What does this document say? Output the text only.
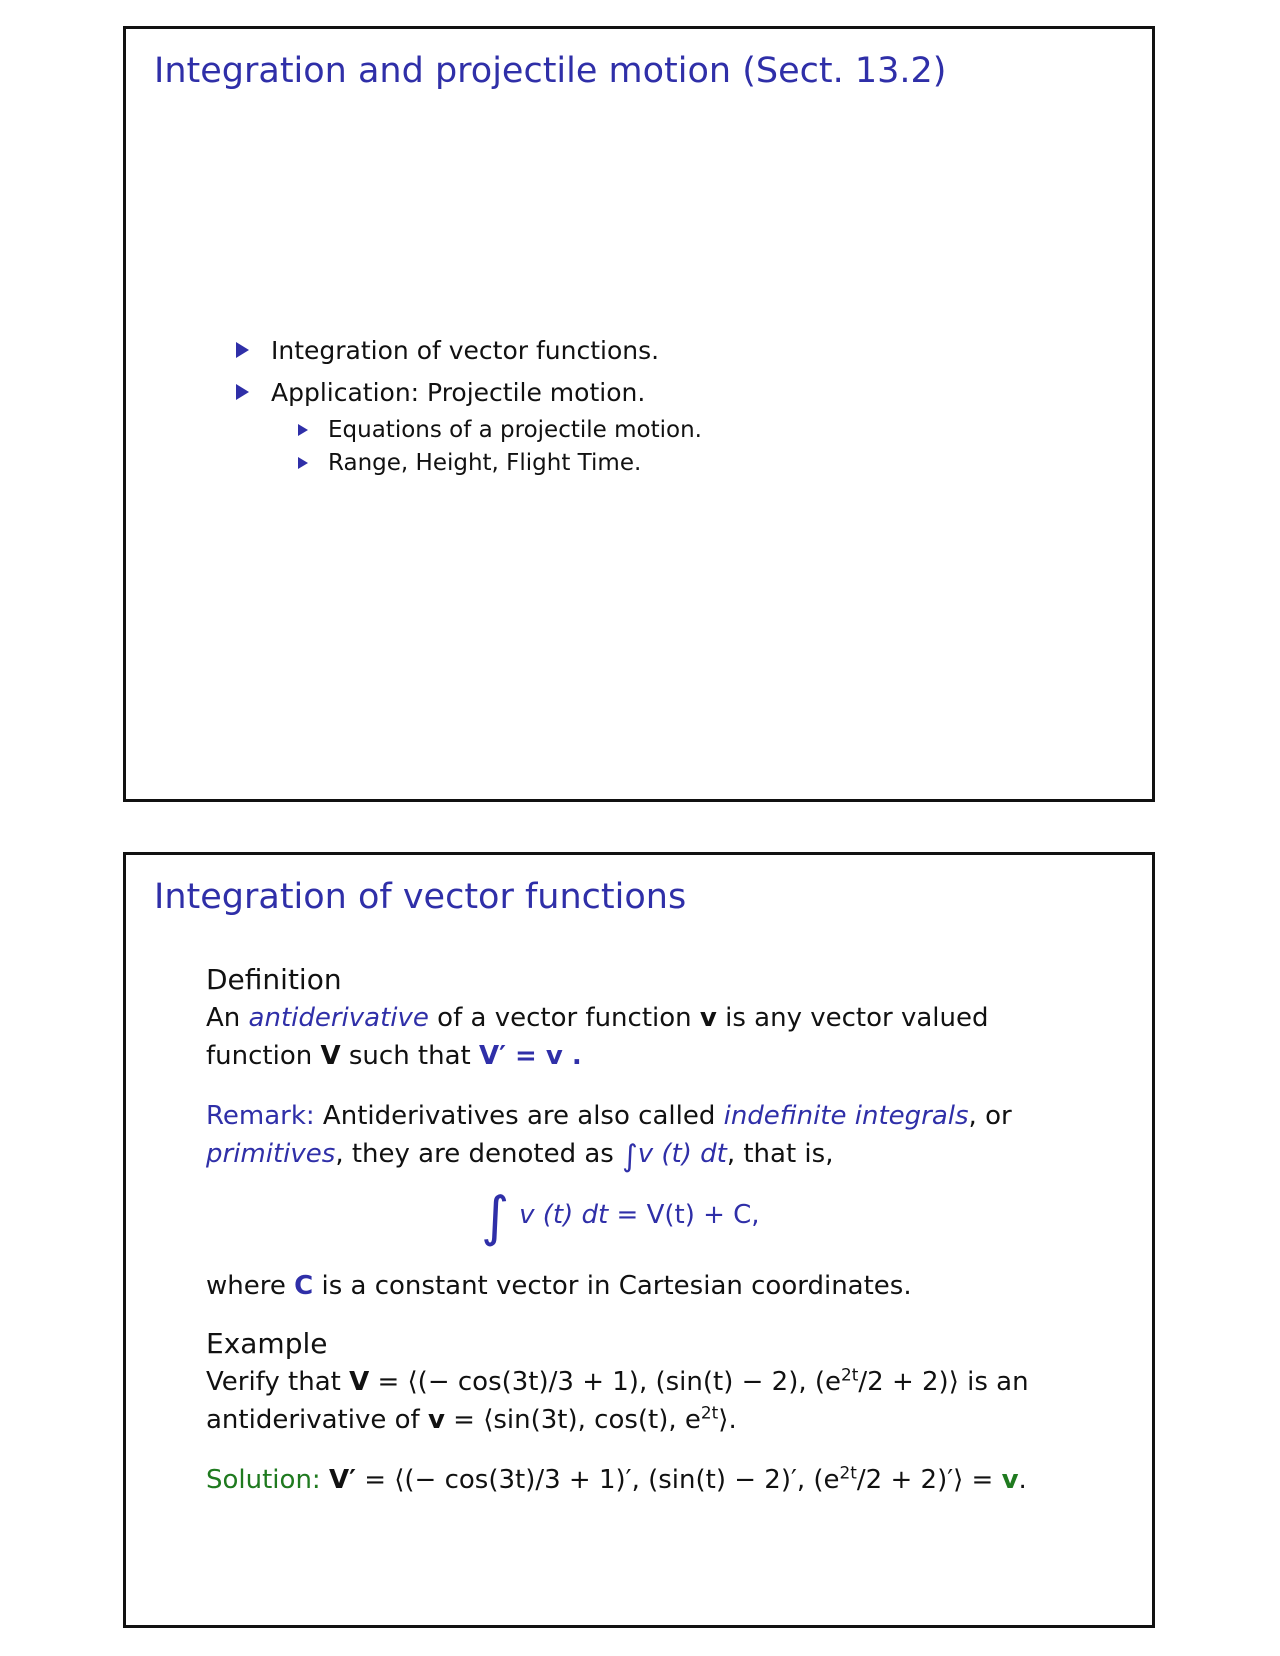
Integration and projectile motion (Sect. 13.2)
Integration of vector functions.
Application: Projectile motion.
Equations of a projectile motion.
Range, Height, Flight Time.
Integration of vector functions
Definition
An antiderivative of a vector function v is any vector valued
function V such that V′ = v .
Remark: Antiderivatives are also called indefinite integrals, or
primitives, they are denoted as ∫v (t) dt, that is,
∫ v (t) dt = V(t) + C,
where C is a constant vector in Cartesian coordinates.
Example
Verify that V = ⟨(− cos(3t)/3 + 1), (sin(t) − 2), ($e^{2t}/2$ + 2)⟩ is an
antiderivative of v = ⟨sin(3t), cos(t), $e^{2t}⟩$.
Solution: V′ = ⟨(− cos(3t)/3 + 1)′, (sin(t) − 2)′, ($e^{2t}/2$ + 2)′⟩ = v.
